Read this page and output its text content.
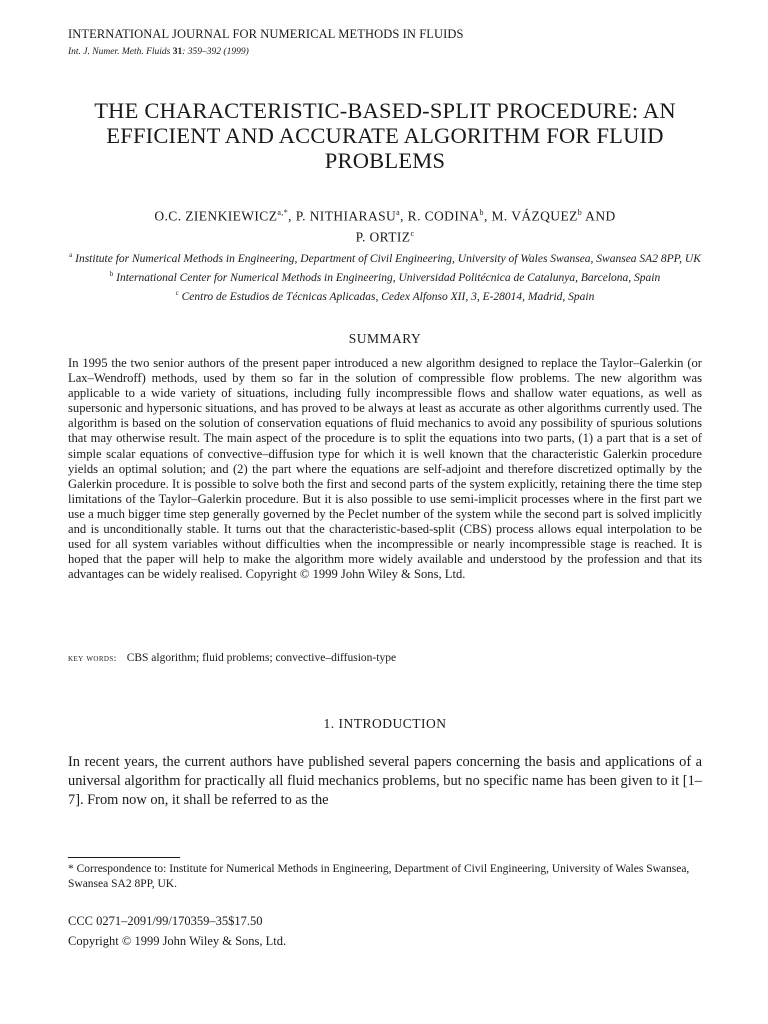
INTERNATIONAL JOURNAL FOR NUMERICAL METHODS IN FLUIDS
Int. J. Numer. Meth. Fluids 31: 359–392 (1999)
THE CHARACTERISTIC-BASED-SPLIT PROCEDURE: AN EFFICIENT AND ACCURATE ALGORITHM FOR FLUID PROBLEMS
O.C. $ZIENKIEWICZ^{a,*}$, P. NITHIARASU$^a$, R. CODINA$^b$, M. VÁZQUEZ$^b$ AND
P. ORTIZ$^c$
$^a$ Institute for Numerical Methods in Engineering, Department of Civil Engineering, University of Wales Swansea, Swansea SA2 8PP, UK
$^b$ International Center for Numerical Methods in Engineering, Universidad Politécnica de Catalunya, Barcelona, Spain
$^c$ Centro de Estudios de Técnicas Aplicadas, Cedex Alfonso XII, 3, E-28014, Madrid, Spain
SUMMARY
In 1995 the two senior authors of the present paper introduced a new algorithm designed to replace the Taylor–Galerkin (or Lax–Wendroff) methods, used by them so far in the solution of compressible flow problems. The new algorithm was applicable to a wide variety of situations, including fully incompressible flows and shallow water equations, as well as supersonic and hypersonic situations, and has proved to be always at least as accurate as other algorithms currently used. The algorithm is based on the solution of conservation equations of fluid mechanics to avoid any possibility of spurious solutions that may otherwise result. The main aspect of the procedure is to split the equations into two parts, (1) a part that is a set of simple scalar equations of convective–diffusion type for which it is well known that the characteristic Galerkin procedure yields an optimal solution; and (2) the part where the equations are self-adjoint and therefore discretized optimally by the Galerkin procedure. It is possible to solve both the first and second parts of the system explicitly, retaining there the time step limitations of the Taylor–Galerkin procedure. But it is also possible to use semi-implicit processes where in the first part we use a much bigger time step generally governed by the Peclet number of the system while the second part is solved implicitly and is unconditionally stable. It turns out that the characteristic-based-split (CBS) process allows equal interpolation to be used for all system variables without difficulties when the incompressible or nearly incompressible stage is reached. It is hoped that the paper will help to make the algorithm more widely available and understood by the profession and that its advantages can be widely realised. Copyright © 1999 John Wiley & Sons, Ltd.
key words: CBS algorithm; fluid problems; convective–diffusion-type
1. INTRODUCTION
In recent years, the current authors have published several papers concerning the basis and applications of a universal algorithm for practically all fluid mechanics problems, but no specific name has been given to it [1–7]. From now on, it shall be referred to as the
* Correspondence to: Institute for Numerical Methods in Engineering, Department of Civil Engineering, University of Wales Swansea, Swansea SA2 8PP, UK.
CCC 0271–2091/99/170359–35$17.50
Copyright © 1999 John Wiley & Sons, Ltd.
